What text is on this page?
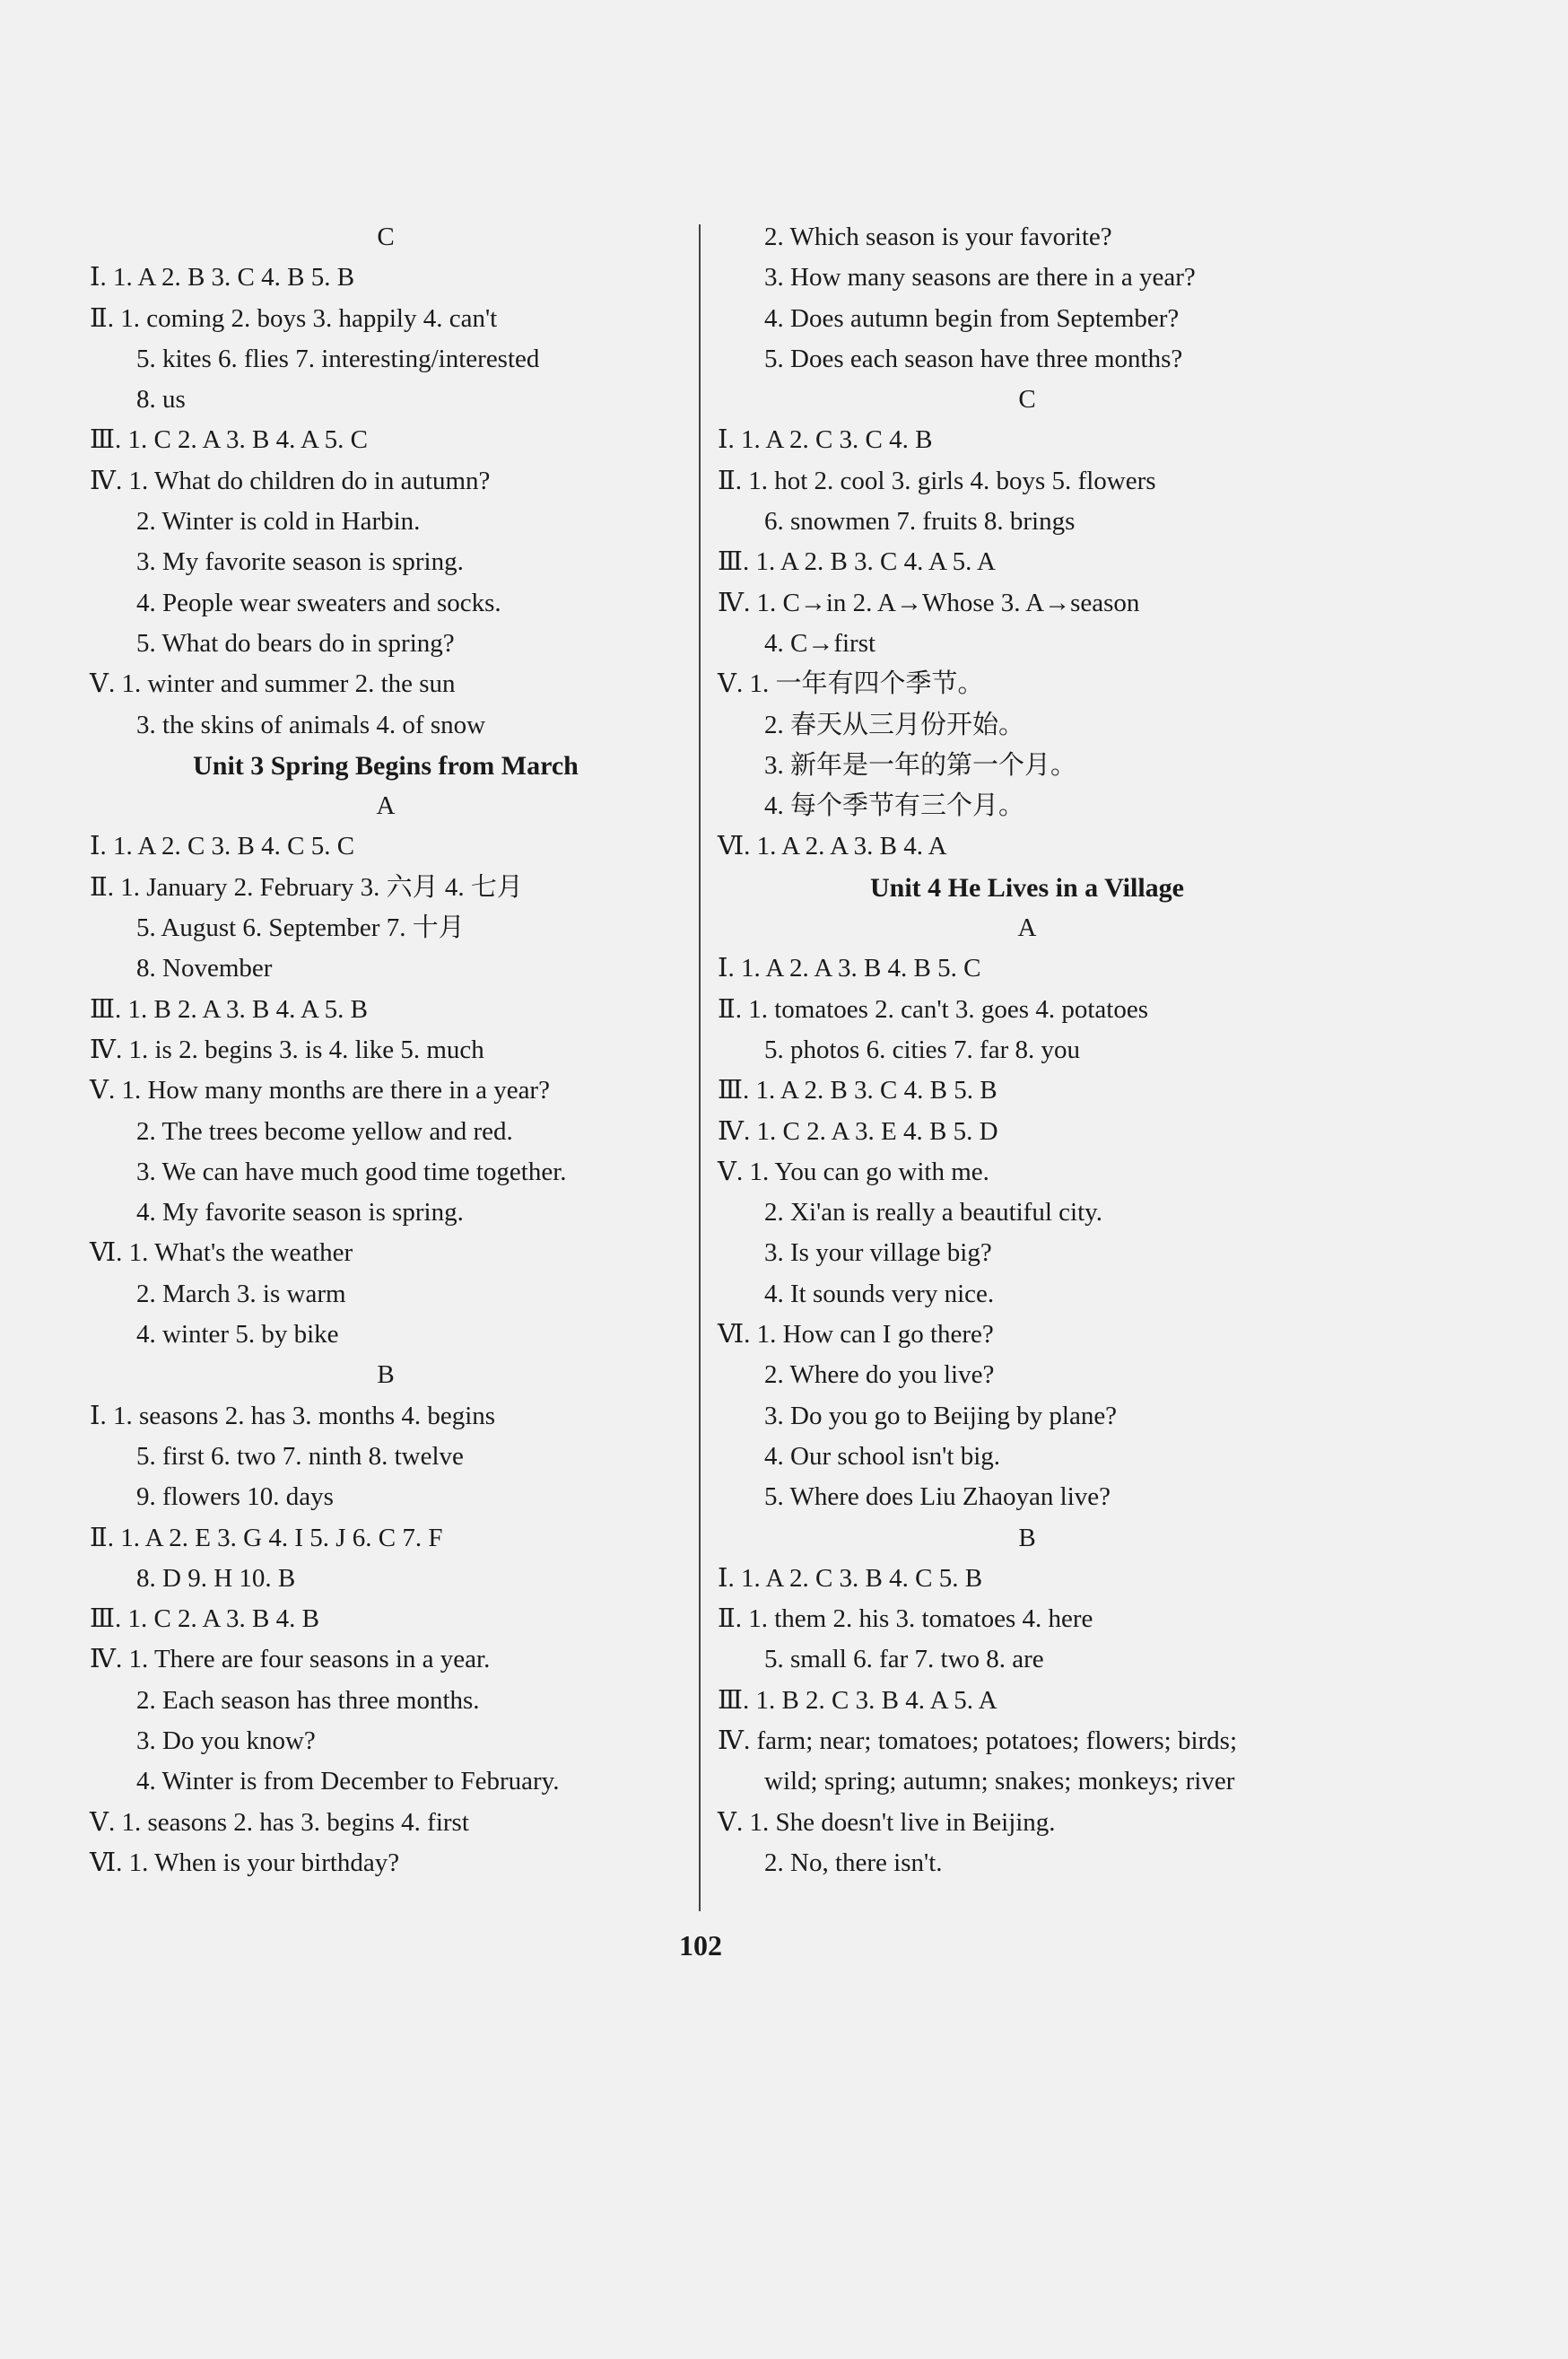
C
Ⅰ. 1. A 2. B 3. C 4. B 5. B
Ⅱ. 1. coming 2. boys 3. happily 4. can't
5. kites 6. flies 7. interesting/interested
8. us
Ⅲ. 1. C 2. A 3. B 4. A 5. C
Ⅳ. 1. What do children do in autumn?
2. Winter is cold in Harbin.
3. My favorite season is spring.
4. People wear sweaters and socks.
5. What do bears do in spring?
Ⅴ. 1. winter and summer 2. the sun
3. the skins of animals 4. of snow
Unit 3 Spring Begins from March
A
Ⅰ. 1. A 2. C 3. B 4. C 5. C
Ⅱ. 1. January 2. February 3. 六月 4. 七月
5. August 6. September 7. 十月
8. November
Ⅲ. 1. B 2. A 3. B 4. A 5. B
Ⅳ. 1. is 2. begins 3. is 4. like 5. much
Ⅴ. 1. How many months are there in a year?
2. The trees become yellow and red.
3. We can have much good time together.
4. My favorite season is spring.
Ⅵ. 1. What's the weather
2. March 3. is warm
4. winter 5. by bike
B
Ⅰ. 1. seasons 2. has 3. months 4. begins
5. first 6. two 7. ninth 8. twelve
9. flowers 10. days
Ⅱ. 1. A 2. E 3. G 4. I 5. J 6. C 7. F
8. D 9. H 10. B
Ⅲ. 1. C 2. A 3. B 4. B
Ⅳ. 1. There are four seasons in a year.
2. Each season has three months.
3. Do you know?
4. Winter is from December to February.
Ⅴ. 1. seasons 2. has 3. begins 4. first
Ⅵ. 1. When is your birthday?
2. Which season is your favorite?
3. How many seasons are there in a year?
4. Does autumn begin from September?
5. Does each season have three months?
C
Ⅰ. 1. A 2. C 3. C 4. B
Ⅱ. 1. hot 2. cool 3. girls 4. boys 5. flowers
6. snowmen 7. fruits 8. brings
Ⅲ. 1. A 2. B 3. C 4. A 5. A
Ⅳ. 1. C→in 2. A→Whose 3. A→season
4. C→first
Ⅴ. 1. 一年有四个季节。
2. 春天从三月份开始。
3. 新年是一年的第一个月。
4. 每个季节有三个月。
Ⅵ. 1. A 2. A 3. B 4. A
Unit 4 He Lives in a Village
A
Ⅰ. 1. A 2. A 3. B 4. B 5. C
Ⅱ. 1. tomatoes 2. can't 3. goes 4. potatoes
5. photos 6. cities 7. far 8. you
Ⅲ. 1. A 2. B 3. C 4. B 5. B
Ⅳ. 1. C 2. A 3. E 4. B 5. D
Ⅴ. 1. You can go with me.
2. Xi'an is really a beautiful city.
3. Is your village big?
4. It sounds very nice.
Ⅵ. 1. How can I go there?
2. Where do you live?
3. Do you go to Beijing by plane?
4. Our school isn't big.
5. Where does Liu Zhaoyan live?
B
Ⅰ. 1. A 2. C 3. B 4. C 5. B
Ⅱ. 1. them 2. his 3. tomatoes 4. here
5. small 6. far 7. two 8. are
Ⅲ. 1. B 2. C 3. B 4. A 5. A
Ⅳ. farm; near; tomatoes; potatoes; flowers; birds;
wild; spring; autumn; snakes; monkeys; river
Ⅴ. 1. She doesn't live in Beijing.
2. No, there isn't.
102
